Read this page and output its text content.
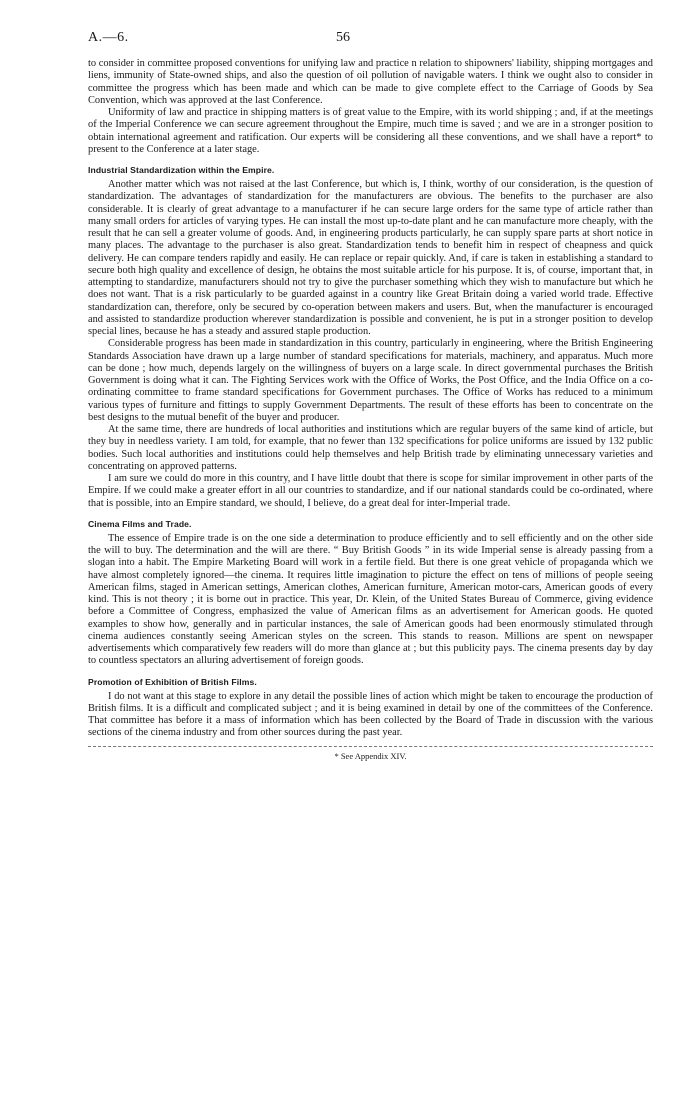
A.—6.	56

to consider in committee proposed conventions for unifying law and practice n relation to shipowners' liability, shipping mortgages and liens, immunity of State-owned ships, and also the question of oil pollution of navigable waters. I think we ought also to consider in committee the progress which has been made and which can be made to give complete effect to the Carriage of Goods by Sea Convention, which was approved at the last Conference.

Uniformity of law and practice in shipping matters is of great value to the Empire, with its world shipping ; and, if at the meetings of the Imperial Conference we can secure agreement throughout the Empire, much time is saved ; and we are in a stronger position to obtain international agreement and ratification. Our experts will be considering all these conventions, and we shall have a report* to present to the Conference at a later stage.

Industrial Standardization within the Empire.

Another matter which was not raised at the last Conference, but which is, I think, worthy of our consideration, is the question of standardization. The advantages of standardization for the manufacturers are obvious. The benefits to the purchaser are also considerable. It is clearly of great advantage to a manufacturer if he can secure large orders for the same type of article rather than many small orders for articles of varying types. He can install the most up-to-date plant and he can manufacture more cheaply, with the result that he can sell a greater volume of goods. And, in engineering products particularly, he can supply spare parts at short notice in many places. The advantage to the purchaser is also great. Standardization tends to benefit him in respect of cheapness and quick delivery. He can compare tenders rapidly and easily. He can replace or repair quickly. And, if care is taken in establishing a standard to secure both high quality and excellence of design, he obtains the most suitable article for his purpose. It is, of course, important that, in attempting to standardize, manufacturers should not try to give the purchaser something which they wish to manufacture but which he does not want. That is a risk particularly to be guarded against in a country like Great Britain doing a varied world trade. Effective standardization can, therefore, only be secured by co-operation between makers and users. But, when the manufacturer is encouraged and assisted to standardize production wherever standardization is possible and convenient, he is put in a stronger position to develop special lines, because he has a steady and assured staple production.

Considerable progress has been made in standardization in this country, particularly in engineering, where the British Engineering Standards Association have drawn up a large number of standard specifications for materials, machinery, and apparatus. Much more can be done ; how much, depends largely on the willingness of buyers on a large scale. In direct governmental purchases the British Government is doing what it can. The Fighting Services work with the Office of Works, the Post Office, and the India Office on a co-ordinating committee to frame standard specifications for Government purchases. The Office of Works has reduced to a minimum various types of furniture and fittings to supply Government Departments. The result of these efforts has been to concentrate on the best designs to the mutual benefit of the buyer and producer.

At the same time, there are hundreds of local authorities and institutions which are regular buyers of the same kind of article, but they buy in needless variety. I am told, for example, that no fewer than 132 specifications for police uniforms are issued by 132 public bodies. Such local authorities and institutions could help themselves and help British trade by eliminating unnecessary varieties and concentrating on approved patterns.

I am sure we could do more in this country, and I have little doubt that there is scope for similar improvement in other parts of the Empire. If we could make a greater effort in all our countries to standardize, and if our national standards could be co-ordinated, where that is possible, into an Empire standard, we should, I believe, do a great deal for inter-Imperial trade.

Cinema Films and Trade.

The essence of Empire trade is on the one side a determination to produce efficiently and to sell efficiently and on the other side the will to buy. The determination and the will are there. “ Buy British Goods ” in its wide Imperial sense is already passing from a slogan into a habit. The Empire Marketing Board will work in a fertile field. But there is one great vehicle of propaganda which we have almost completely ignored—the cinema. It requires little imagination to picture the effect on tens of millions of people seeing American films, staged in American settings, American clothes, American furniture, American motor-cars, American goods of every kind. This is not theory ; it is borne out in practice. This year, Dr. Klein, of the United States Bureau of Commerce, giving evidence before a Committee of Congress, emphasized the value of American films as an advertisement for American goods. He quoted examples to show how, generally and in particular instances, the sale of American goods had been enormously stimulated through cinema audiences constantly seeing American styles on the screen. This stands to reason. Millions are spent on newspaper advertisements which comparatively few readers will do more than glance at ; but this publicity pays. The cinema presents day by day to countless spectators an alluring advertisement of foreign goods.

Promotion of Exhibition of British Films.

I do not want at this stage to explore in any detail the possible lines of action which might be taken to encourage the production of British films. It is a difficult and complicated subject ; and it is being examined in detail by one of the committees of the Conference. That committee has before it a mass of information which has been collected by the Board of Trade in discussion with the various sections of the cinema industry and from other sources during the past year.

* See Appendix XIV.
